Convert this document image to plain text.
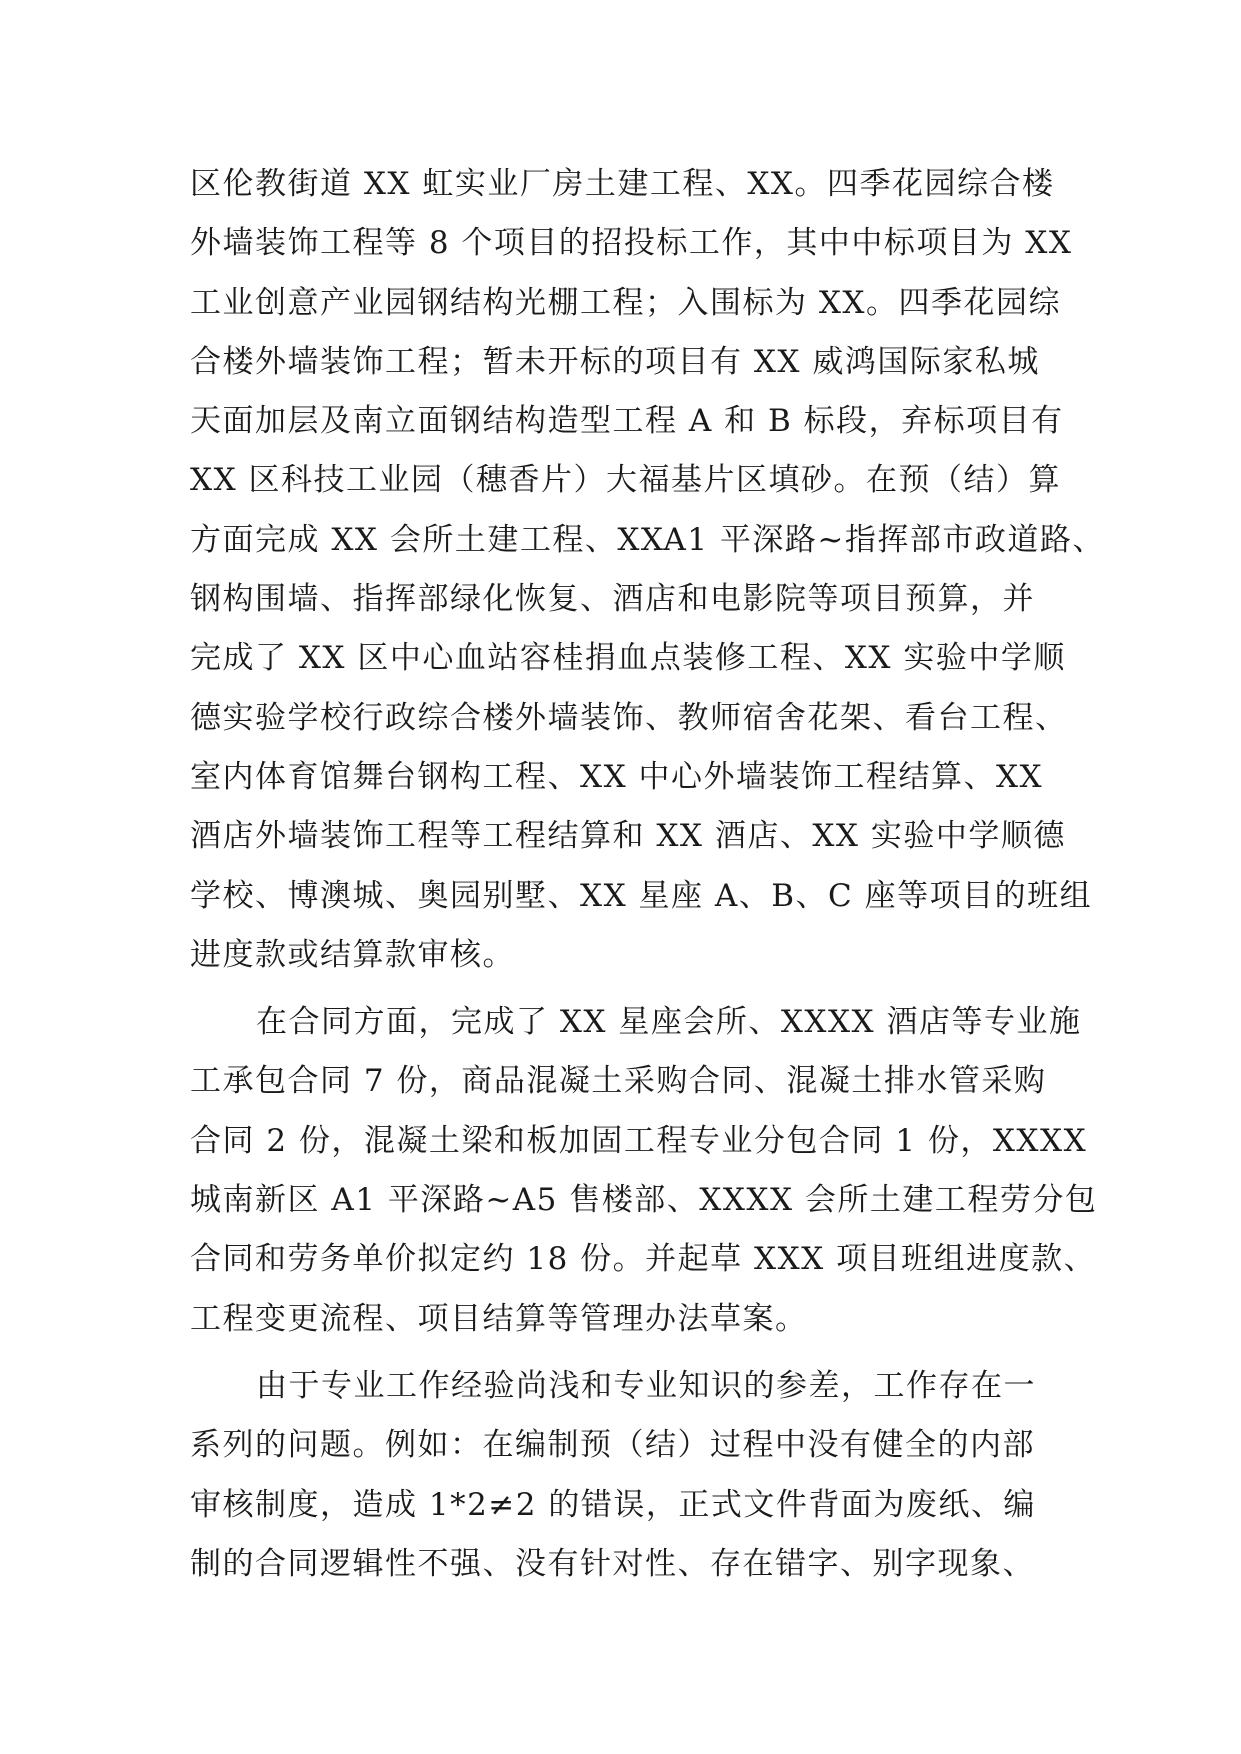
区伦教街道 XX 虹实业厂房土建工程、XX。四季花园综合楼
外墙装饰工程等 8 个项目的招投标工作，其中中标项目为 XX
工业创意产业园钢结构光棚工程；入围标为 XX。四季花园综
合楼外墙装饰工程；暂未开标的项目有 XX 威鸿国际家私城
天面加层及南立面钢结构造型工程 A 和 B 标段，弃标项目有
XX 区科技工业园（穗香片）大福基片区填砂。在预（结）算
方面完成 XX 会所土建工程、XXA1 平深路~指挥部市政道路、
钢构围墙、指挥部绿化恢复、酒店和电影院等项目预算，并
完成了 XX 区中心血站容桂捐血点装修工程、XX 实验中学顺
德实验学校行政综合楼外墙装饰、教师宿舍花架、看台工程、
室内体育馆舞台钢构工程、XX 中心外墙装饰工程结算、XX
酒店外墙装饰工程等工程结算和 XX 酒店、XX 实验中学顺德
学校、博澳城、奥园别墅、XX 星座 A、B、C 座等项目的班组
进度款或结算款审核。
在合同方面，完成了 XX 星座会所、XXXX 酒店等专业施
工承包合同 7 份，商品混凝土采购合同、混凝土排水管采购
合同 2 份，混凝土梁和板加固工程专业分包合同 1 份，XXXX
城南新区 A1 平深路~A5 售楼部、XXXX 会所土建工程劳分包
合同和劳务单价拟定约 18 份。并起草 XXX 项目班组进度款、
工程变更流程、项目结算等管理办法草案。
由于专业工作经验尚浅和专业知识的参差，工作存在一
系列的问题。例如：在编制预（结）过程中没有健全的内部
审核制度，造成 1*2≠2 的错误，正式文件背面为废纸、编
制的合同逻辑性不强、没有针对性、存在错字、别字现象、
